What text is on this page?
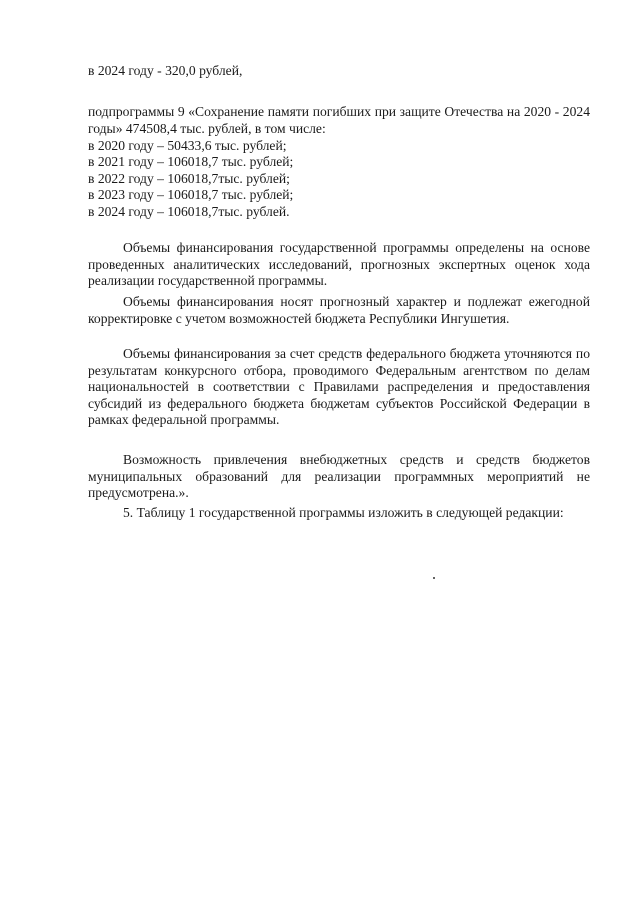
в 2024 году - 320,0 рублей,
подпрограммы 9 «Сохранение памяти погибших при защите Отечества на 2020 - 2024 годы» 474508,4 тыс. рублей, в том числе:
в 2020 году – 50433,6 тыс. рублей;
в 2021 году – 106018,7 тыс. рублей;
в 2022 году – 106018,7тыс. рублей;
в 2023 году – 106018,7 тыс. рублей;
в 2024 году – 106018,7тыс. рублей.
Объемы финансирования государственной программы определены на основе проведенных аналитических исследований, прогнозных экспертных оценок хода реализации государственной программы.
Объемы финансирования носят прогнозный характер и подлежат ежегодной корректировке с учетом возможностей бюджета Республики Ингушетия.
Объемы финансирования за счет средств федерального бюджета уточняются по результатам конкурсного отбора, проводимого Федеральным агентством по делам национальностей в соответствии с Правилами распределения и предоставления субсидий из федерального бюджета бюджетам субъектов Российской Федерации в рамках федеральной программы.
Возможность привлечения внебюджетных средств и средств бюджетов муниципальных образований для реализации программных мероприятий не предусмотрена.».
5. Таблицу 1 государственной программы изложить в следующей редакции:
